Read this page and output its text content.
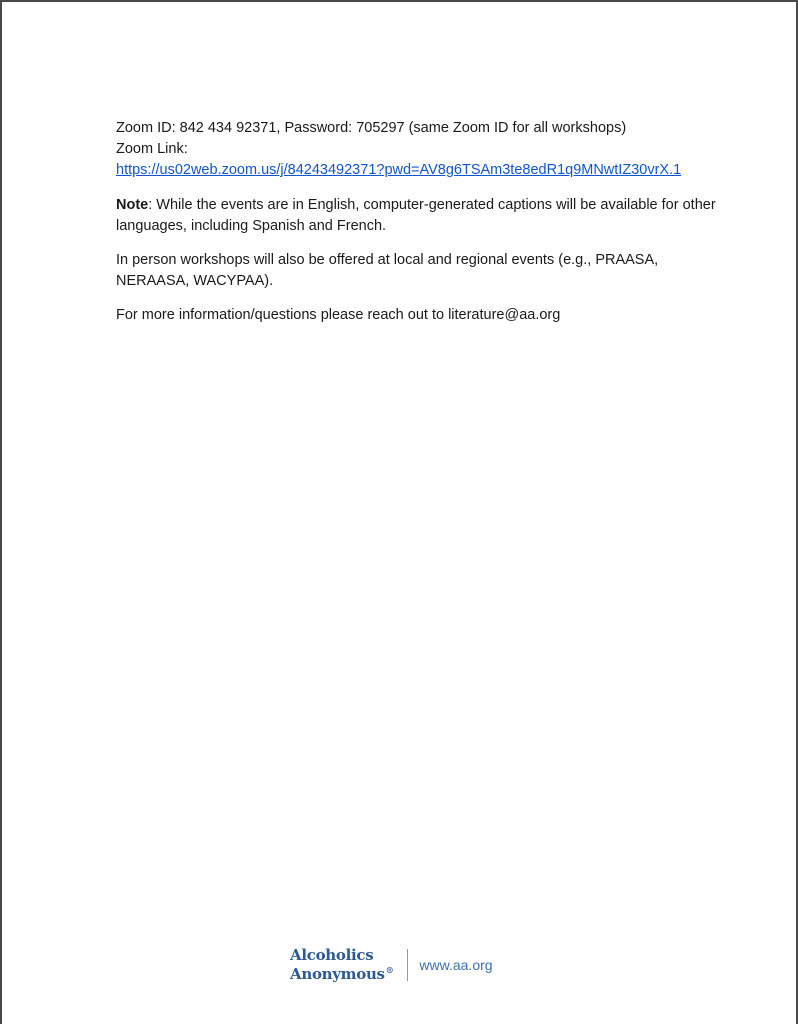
Zoom ID: 842 434 92371, Password: 705297 (same Zoom ID for all workshops)

Zoom Link:

https://us02web.zoom.us/j/84243492371?pwd=AV8g6TSAm3te8edR1q9MNwtIZ30vrX.1

Note: While the events are in English, computer-generated captions will be available for other languages, including Spanish and French.

In person workshops will also be offered at local and regional events (e.g., PRAASA, NERAASA, WACYPAA).

For more information/questions please reach out to literature@aa.org

Alcoholics
Anonymous® www.aa.org
